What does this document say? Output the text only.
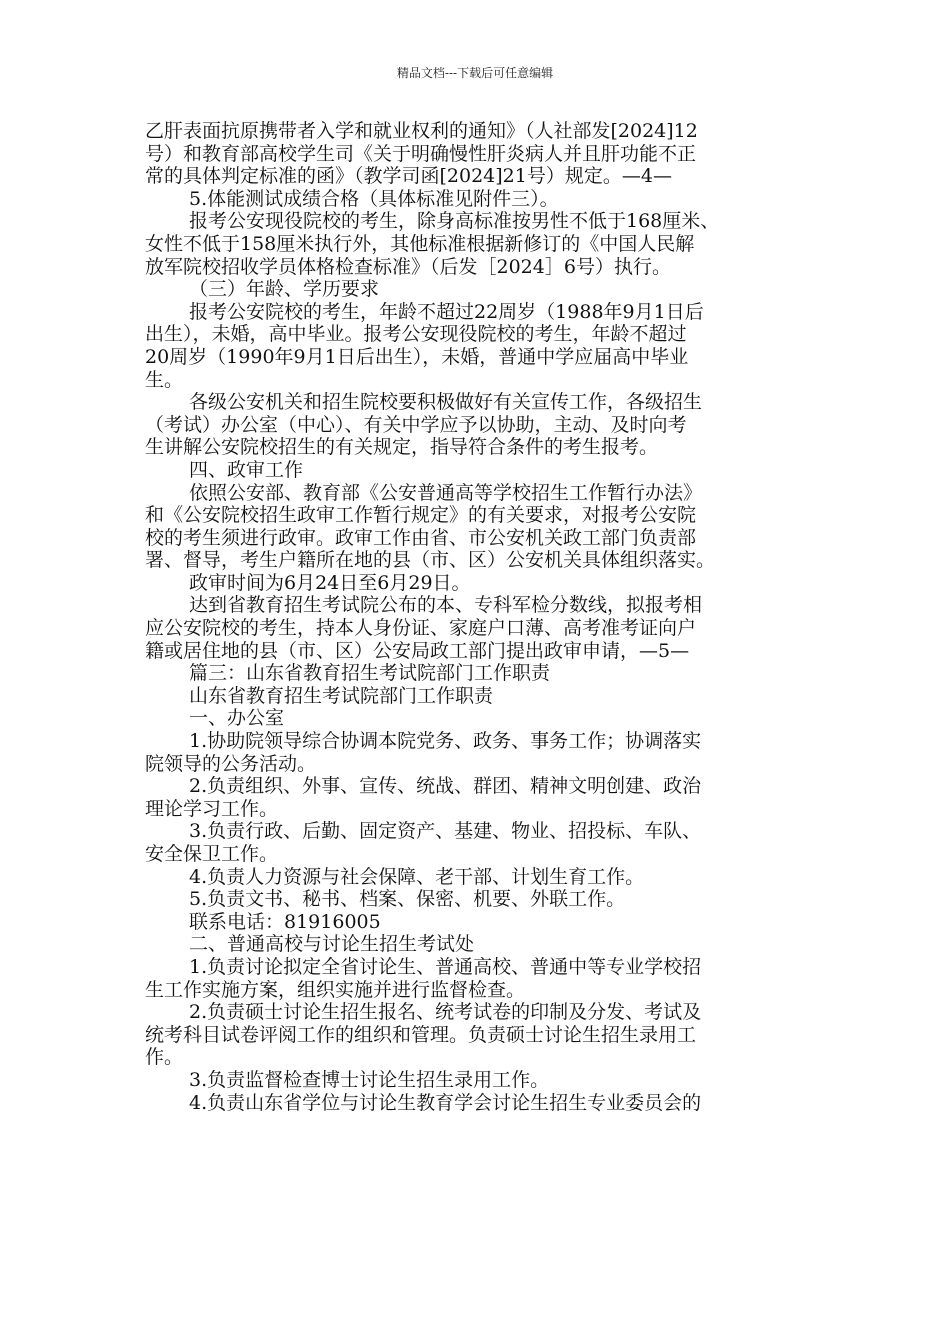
精品文档---下载后可任意编辑
乙肝表面抗原携带者入学和就业权利的通知》（人社部发[2024]12
号）和教育部高校学生司《关于明确慢性肝炎病人并且肝功能不正
常的具体判定标准的函》（教学司函[2024]21号）规定。—4—
5.体能测试成绩合格（具体标准见附件三）。
报考公安现役院校的考生，除身高标准按男性不低于168厘米、
女性不低于158厘米执行外，其他标准根据新修订的《中国人民解
放军院校招收学员体格检查标准》（后发［2024］6号）执行。
（三）年龄、学历要求
报考公安院校的考生，年龄不超过22周岁（1988年9月1日后
出生），未婚，高中毕业。报考公安现役院校的考生，年龄不超过
20周岁（1990年9月1日后出生），未婚，普通中学应届高中毕业
生。
各级公安机关和招生院校要积极做好有关宣传工作，各级招生
（考试）办公室（中心）、有关中学应予以协助，主动、及时向考
生讲解公安院校招生的有关规定，指导符合条件的考生报考。
四、政审工作
依照公安部、教育部《公安普通高等学校招生工作暂行办法》
和《公安院校招生政审工作暂行规定》的有关要求，对报考公安院
校的考生须进行政审。政审工作由省、市公安机关政工部门负责部
署、督导，考生户籍所在地的县（市、区）公安机关具体组织落实。
政审时间为6月24日至6月29日。
达到省教育招生考试院公布的本、专科军检分数线，拟报考相
应公安院校的考生，持本人身份证、家庭户口薄、高考准考证向户
籍或居住地的县（市、区）公安局政工部门提出政审申请，—5—
篇三：山东省教育招生考试院部门工作职责
山东省教育招生考试院部门工作职责
一、办公室
1.协助院领导综合协调本院党务、政务、事务工作；协调落实
院领导的公务活动。
2.负责组织、外事、宣传、统战、群团、精神文明创建、政治
理论学习工作。
3.负责行政、后勤、固定资产、基建、物业、招投标、车队、
安全保卫工作。
4.负责人力资源与社会保障、老干部、计划生育工作。
5.负责文书、秘书、档案、保密、机要、外联工作。
联系电话：81916005
二、普通高校与讨论生招生考试处
1.负责讨论拟定全省讨论生、普通高校、普通中等专业学校招
生工作实施方案，组织实施并进行监督检查。
2.负责硕士讨论生招生报名、统考试卷的印制及分发、考试及
统考科目试卷评阅工作的组织和管理。负责硕士讨论生招生录用工
作。
3.负责监督检查博士讨论生招生录用工作。
4.负责山东省学位与讨论生教育学会讨论生招生专业委员会的
